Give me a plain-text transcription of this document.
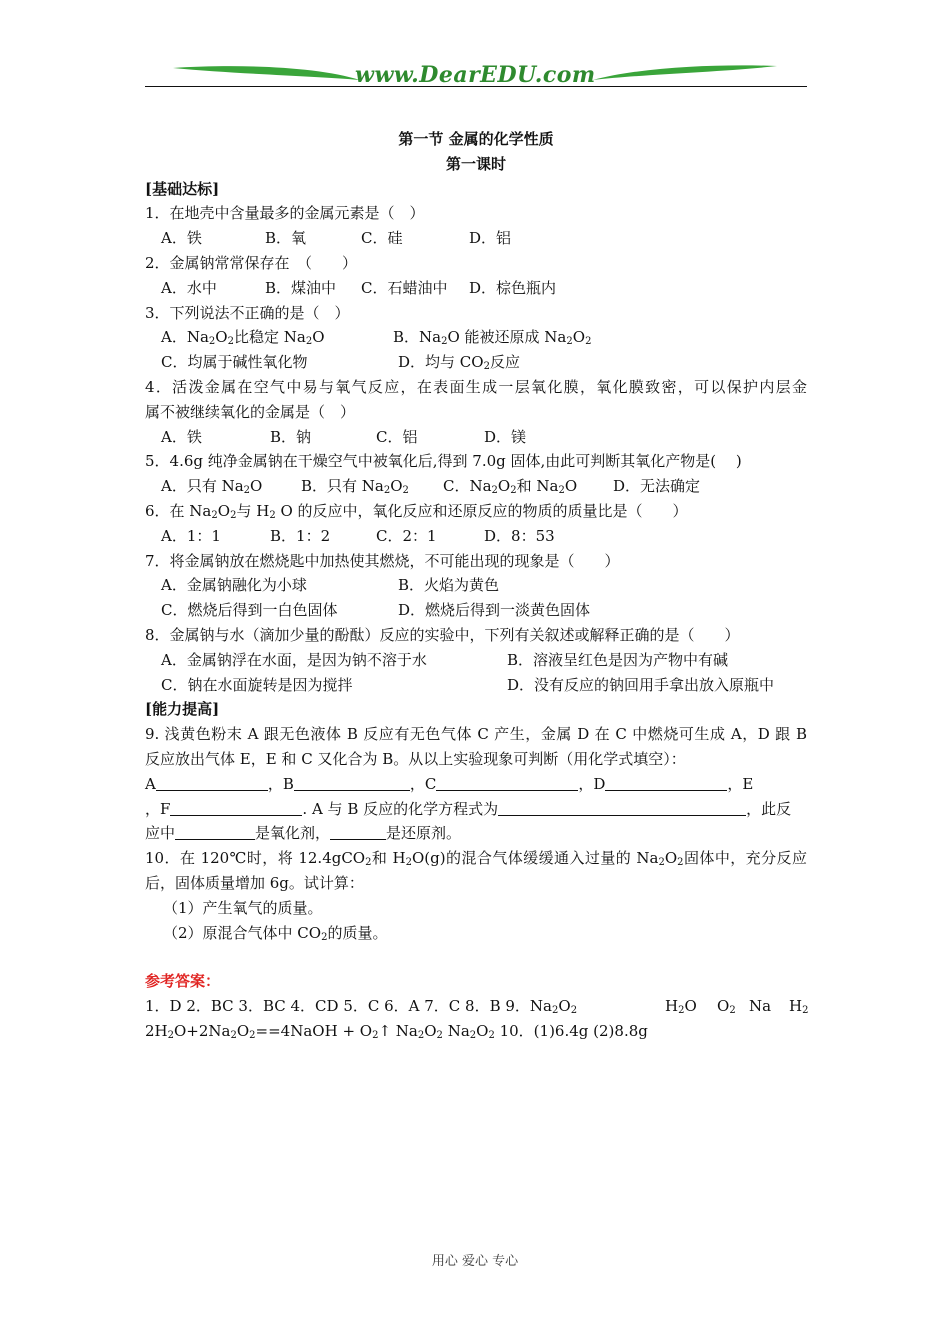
www.DearEDU.com
第一节 金属的化学性质
第一课时
[基础达标]
1．在地壳中含量最多的金属元素是（　）
A．铁	B．氧	C．硅	D．铝
2．金属钠常常保存在　（　　）
A．水中	B．煤油中 C．石蜡油中 D．棕色瓶内
3．下列说法不正确的是（　）
A．$Na_2O_2$比稳定 $Na_2O$	B．$Na_2O$ 能被还原成 $Na_2O_2$
C．均属于碱性氧化物	D．均与 $CO_2$反应
4．活泼金属在空气中易与氧气反应，在表面生成一层氧化膜，氧化膜致密，可以保护内层金
属不被继续氧化的金属是（　）
A．铁	B．钠	C．铝	D．镁
5．4.6g 纯净金属钠在干燥空气中被氧化后,得到 7.0g 固体,由此可判断其氧化产物是(　 )
A．只有 $Na_2O$	B．只有 $Na_2O_2$ C．$Na_2O_2$和 $Na_2O$ D．无法确定
6．在 $Na_2O_2$与 $H_2$ O 的反应中，氧化反应和还原反应的物质的质量比是（　　）
A．1：1	B．1：2	C．2：1	D．8：53
7．将金属钠放在燃烧匙中加热使其燃烧，不可能出现的现象是（　　）
A．金属钠融化为小球	B．火焰为黄色
C．燃烧后得到一白色固体	D．燃烧后得到一淡黄色固体
8．金属钠与水（滴加少量的酚酞）反应的实验中，下列有关叙述或解释正确的是（　　）
A．金属钠浮在水面，是因为钠不溶于水	B．溶液呈红色是因为产物中有碱
C．钠在水面旋转是因为搅拌	D．没有反应的钠回用手拿出放入原瓶中
[能力提高]
9. 浅黄色粉末 A 跟无色液体 B 反应有无色气体 C 产生，金属 D 在 C 中燃烧可生成 A，D 跟 B
反应放出气体 E，E 和 C 又化合为 B。从以上实验现象可判断（用化学式填空）：
A	，B	，C	，D	，E
，F	. A 与 B 反应的化学方程式为	，此反
应中	是氧化剂，	是还原剂。
10．在 120℃时，将 12.4gCO$_2$和 $H_2O(g)$的混合气体缓缓通入过量的 $Na_2O_2$固体中，充分反应
后，固体质量增加 6g。试计算：
（1）产生氧气的质量。
（2）原混合气体中 $CO_2$的质量。
参考答案：
1．D 2．BC 3．BC 4．CD 5．C 6．A 7．C 8．B 9．$Na_2O_2$	$H_2O$ $O_2$ Na $H_2$
$2H_2O+2Na_2O_2==4NaOH$ + $O_2↑$ $Na_2O_2$ $Na_2O_2$ 10．(1)6.4g (2)8.8g
用心 爱心 专心
